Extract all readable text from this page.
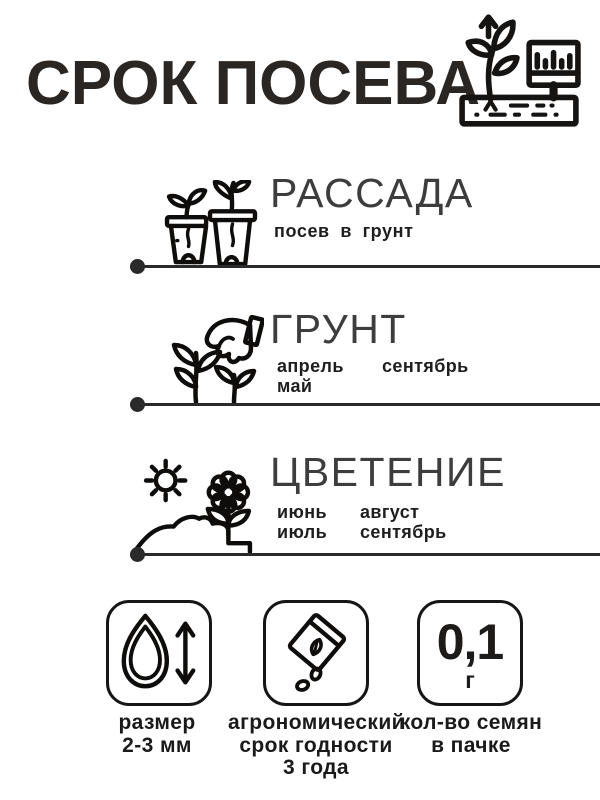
СРОК ПОСЕВА
РАССАДА
посев в грунт
ГРУНТ
апрель
май
сентябрь
ЦВЕТЕНИЕ
июнь
июль
август
сентябрь
0,1
г
размер
2-3 мм
агрономический
срок годности
3 года
кол-во семян
в пачке
